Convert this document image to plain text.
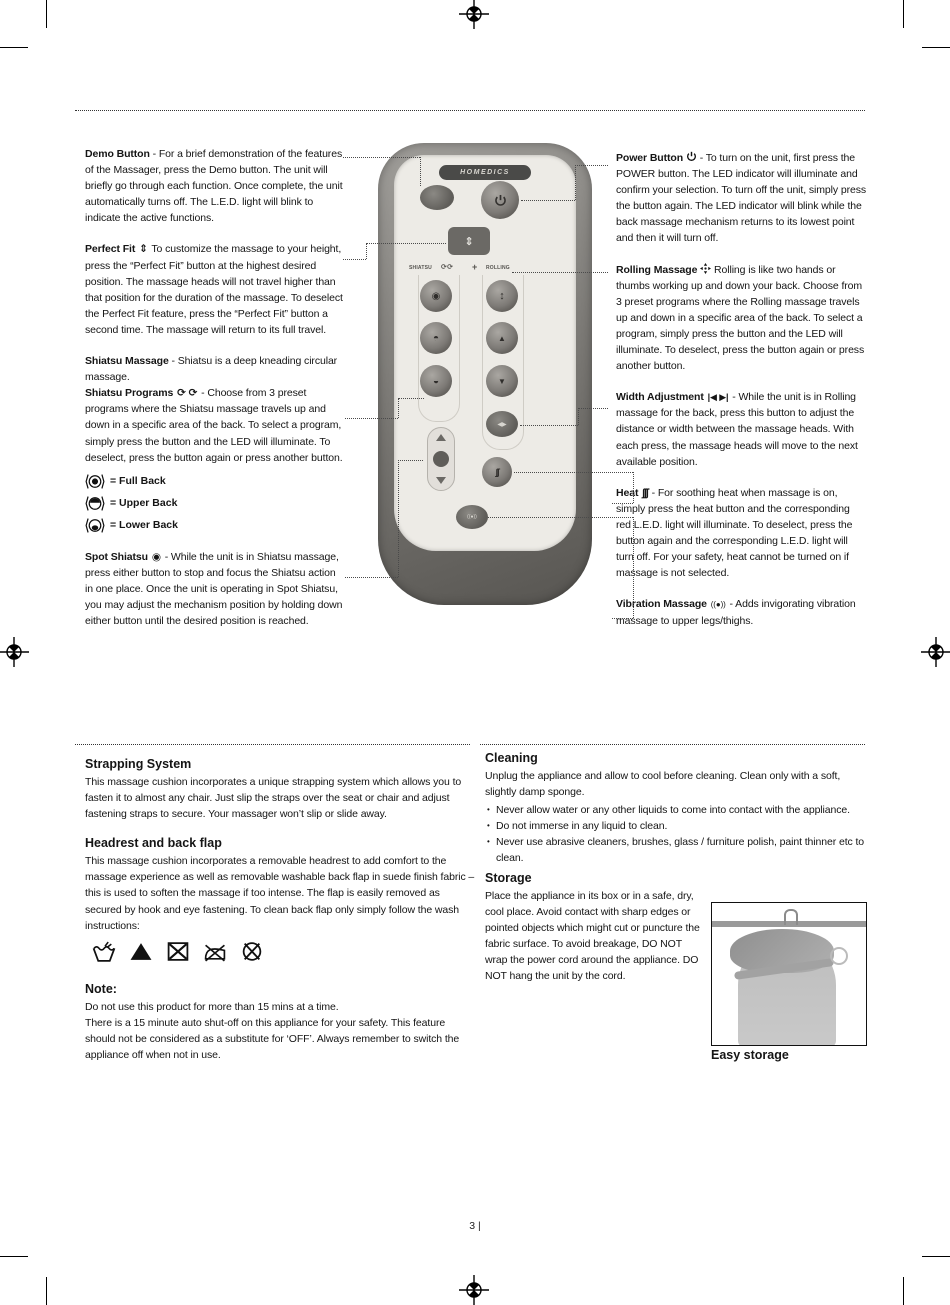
Demo Button - For a brief demonstration of the features of the Massager, press the Demo button. The unit will briefly go through each function. Once complete, the unit automatically turns off. The L.E.D. light will blink to indicate the active functions.

Perfect Fit ⇕ To customize the massage to your height, press the “Perfect Fit” button at the highest desired position. The massage heads will not travel higher than that position for the duration of the massage. To deselect the Perfect Fit feature, press the “Perfect Fit” button a second time. The massage will return to its full travel.

Shiatsu Massage - Shiatsu is a deep kneading circular massage.

Shiatsu Programs ⟳ ⟳ - Choose from 3 preset programs where the Shiatsu massage travels up and down in a specific area of the back. To select a program, simply press the button and the LED will illuminate. To deselect, press the button again or press another button.

= Full Back
= Upper Back
= Lower Back

Spot Shiatsu ◉ - While the unit is in Shiatsu massage, press either button to stop and focus the Shiatsu action in one place. Once the unit is operating in Spot Shiatsu, you may adjust the mechanism position by holding down either button until the desired position is reached.

Power Button  - To turn on the unit, first press the POWER button. The LED indicator will illuminate and confirm your selection. To turn off the unit, simply press the button again. The LED indicator will blink while the back massage mechanism returns to its lowest point and then it will turn off.

Rolling Massage  Rolling is like two hands or thumbs working up and down your back. Choose from 3 preset programs where the Rolling massage travels up and down in a specific area of the back. To select a program, simply press the button and the LED will illuminate. To deselect, press the button again or press another button.

Width Adjustment |◀ ▶| - While the unit is in Rolling massage for the back, press this button to adjust the distance or width between the massage heads. With each press, the massage heads will move to the next available position.

Heat ∫∫∫ - For soothing heat when massage is on, simply press the heat button and the corresponding red L.E.D. light will illuminate. To deselect, press the button again and the corresponding L.E.D. light will turn off. For your safety, heat cannot be turned on if massage is not selected.

Vibration Massage ((●)) - Adds invigorating vibration massage to upper legs/thighs.

HOMEDICS
⇕
SHIATSU ⟳⟳ + ROLLING
◉
◓
◒
↕
▲
▼
◀▶
∫∫
((●))
Strapping System

This massage cushion incorporates a unique strapping system which allows you to fasten it to almost any chair. Just slip the straps over the seat or chair and adjust fastening straps to secure. Your massager won’t slip or slide away.

Headrest and back flap

This massage cushion incorporates a removable headrest to add comfort to the massage experience as well as removable washable back flap in suede finish fabric – this is used to soften the massage if too intense. The flap is easily removed as secured by hook and eye fastening. To clean back flap only simply follow the wash instructions:

Note:

Do not use this product for more than 15 mins at a time.

There is a 15 minute auto shut-off on this appliance for your safety. This feature should not be considered as a substitute for ‘OFF’. Always remember to switch the appliance off when not in use.

Cleaning

Unplug the appliance and allow to cool before cleaning. Clean only with a soft, slightly damp sponge.

• Never allow water or any other liquids to come into contact with the appliance.
• Do not immerse in any liquid to clean.
• Never use abrasive cleaners, brushes, glass / furniture polish, paint thinner etc to clean.
Storage

Place the appliance in its box or in a safe, dry, cool place. Avoid contact with sharp edges or pointed objects which might cut or puncture the fabric surface. To avoid breakage, DO NOT wrap the power cord around the appliance. DO NOT hang the unit by the cord.

Easy storage
3 |
